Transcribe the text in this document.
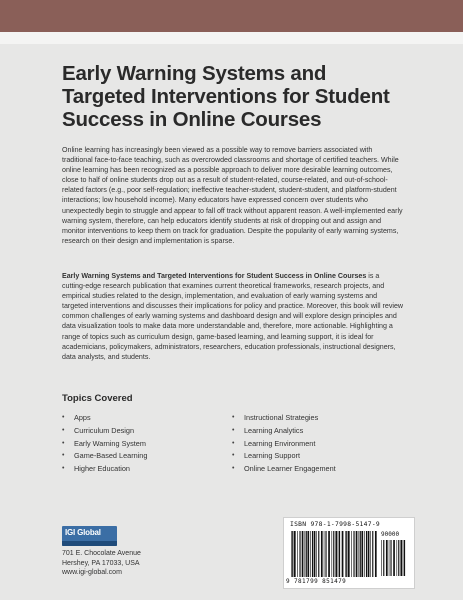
Early Warning Systems and
Targeted Interventions for Student
Success in Online Courses

Online learning has increasingly been viewed as a possible way to remove barriers associated with traditional face-to-face teaching, such as overcrowded classrooms and shortage of certified teachers. While online learning has been recognized as a possible approach to deliver more desirable learning outcomes, close to half of online students drop out as a result of student-related, course-related, and out-of-school-related factors (e.g., poor self-regulation; ineffective teacher-student, student-student, and platform-student interactions; low household income). Many educators have expressed concern over students who unexpectedly begin to struggle and appear to fall off track without apparent reason. A well-implemented early warning system, therefore, can help educators identify students at risk of dropping out and assign and monitor interventions to keep them on track for graduation. Despite the popularity of early warning systems, research on their design and implementation is sparse.

Early Warning Systems and Targeted Interventions for Student Success in Online Courses is a cutting-edge research publication that examines current theoretical frameworks, research projects, and empirical studies related to the design, implementation, and evaluation of early warning systems and targeted interventions and discusses their implications for policy and practice. Moreover, this book will review common challenges of early warning systems and dashboard design and will explore design principles and data visualization tools to make data more understandable and, therefore, more actionable. Highlighting a range of topics such as curriculum design, game-based learning, and learning support, it is ideal for academicians, policymakers, administrators, researchers, education professionals, instructional designers, data analysts, and students.

Topics Covered
•	Apps
•	Curriculum Design
•	Early Warning System
•	Game-Based Learning
•	Higher Education
•	Instructional Strategies
•	Learning Analytics
•	Learning Environment
•	Learning Support
•	Online Learner Engagement
IGI Global
701 E. Chocolate Avenue
Hershey, PA 17033, USA
www.igi-global.com
ISBN 978-1-7998-5147-9
90000
9 781799 851479
